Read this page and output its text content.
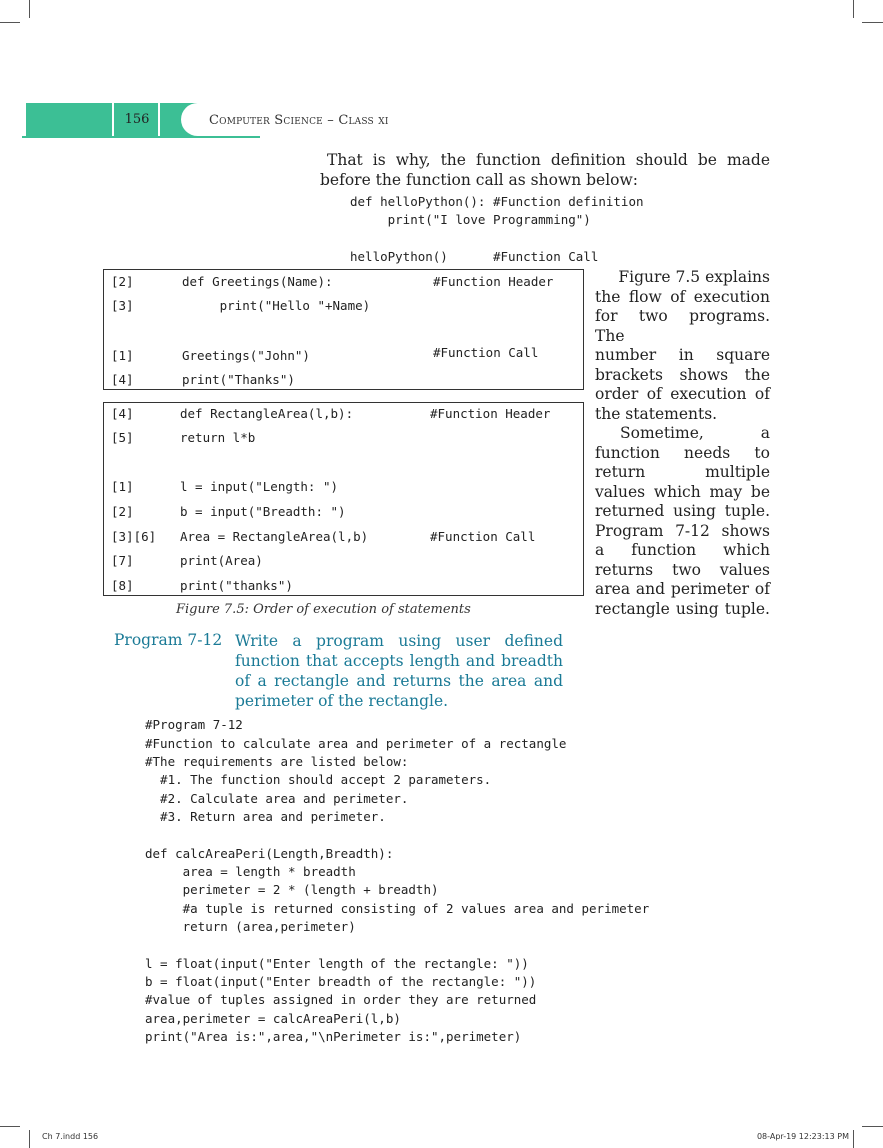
156	Computer Science – Class xi
That is why, the function definition should be made
before the function call as shown below:
def helloPython(): #Function definition
print("I love Programming")
helloPython()      #Function Call
[2]	def Greetings(Name):	#Function Header
[3]	print("Hello "+Name)
[1]	Greetings("John")	#Function Call
[4]	print("Thanks")
[4]	def RectangleArea(l,b):	#Function Header
[5]	return l*b
[1]	l = input("Length: ")
[2]	b = input("Breadth: ")
[3][6] Area = RectangleArea(l,b)	#Function Call
[7]	print(Area)
[8]	print("thanks")
Figure 7.5: Order of execution of statements
Figure 7.5 explains
the flow of execution
for two programs. The
number in square
brackets shows the
order of execution of
the statements.
Sometime, a
function needs to
return multiple
values which may be
returned using tuple.
Program 7-12 shows
a function which
returns two values
area and perimeter of
rectangle using tuple.
Program 7-12 Write a program using user defined
function that accepts length and breadth
of a rectangle and returns the area and
perimeter of the rectangle.
#Program 7-12
#Function to calculate area and perimeter of a rectangle
#The requirements are listed below:
#1. The function should accept 2 parameters.
#2. Calculate area and perimeter.
#3. Return area and perimeter.
def calcAreaPeri(Length,Breadth):
area = length * breadth
perimeter = 2 * (length + breadth)
#a tuple is returned consisting of 2 values area and perimeter
return (area,perimeter)
l = float(input("Enter length of the rectangle: "))
b = float(input("Enter breadth of the rectangle: "))
#value of tuples assigned in order they are returned
area,perimeter = calcAreaPeri(l,b)
print("Area is:",area,"\nPerimeter is:",perimeter)
Ch 7.indd 156	08-Apr-19 12:23:13 PM
